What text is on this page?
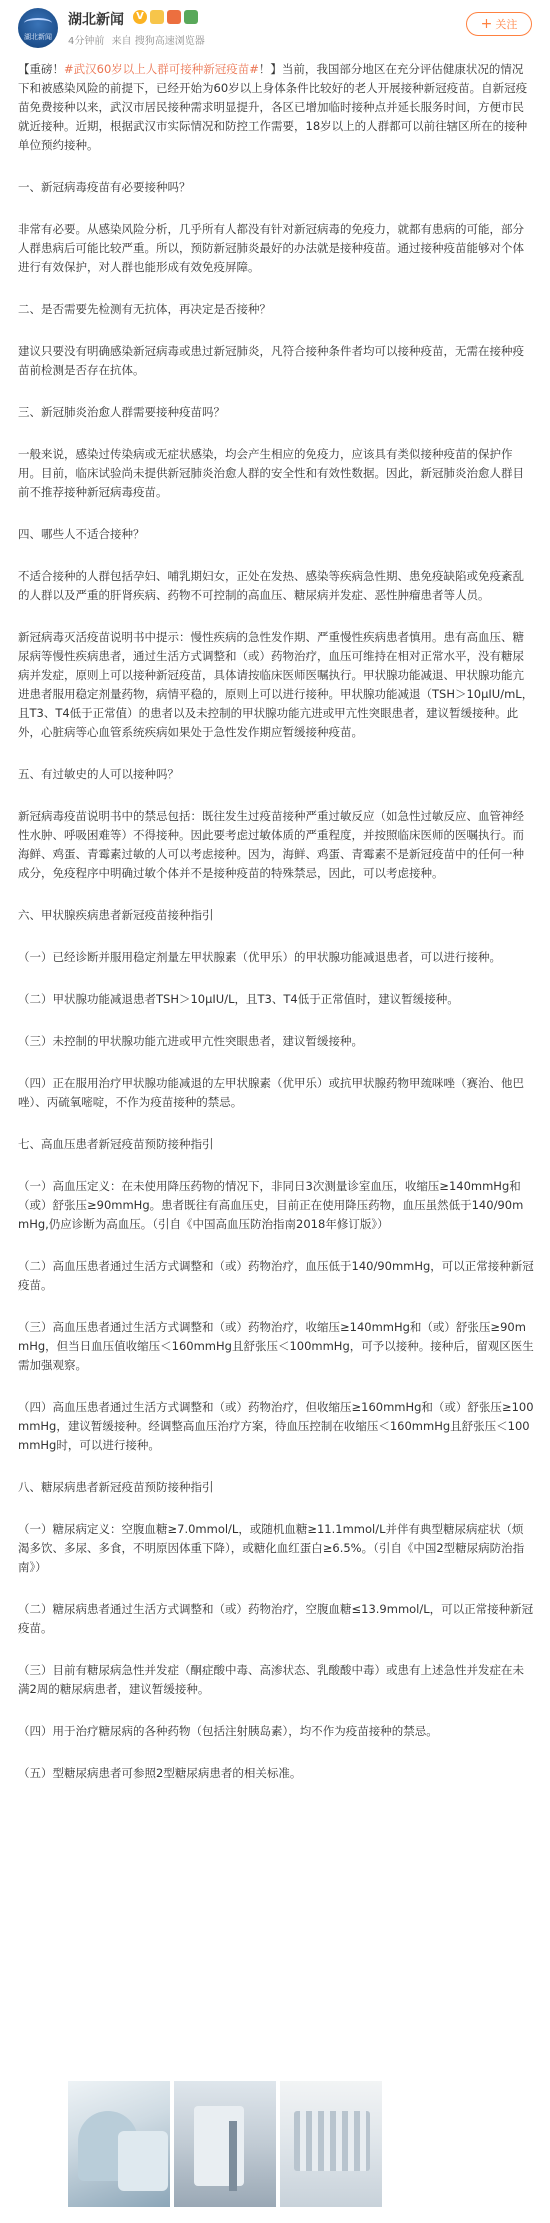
湖北新闻
湖北新闻	V
4分钟前 来自 搜狗高速浏览器
+ 关注

【重磅！#武汉60岁以上人群可接种新冠疫苗#！】当前，我国部分地区在充分评估健康状况的情况下和被感染风险的前提下，已经开始为60岁以上身体条件比较好的老人开展接种新冠疫苗。自新冠疫苗免费接种以来，武汉市居民接种需求明显提升，各区已增加临时接种点并延长服务时间，方便市民就近接种。近期，根据武汉市实际情况和防控工作需要，18岁以上的人群都可以前往辖区所在的接种单位预约接种。

一、新冠病毒疫苗有必要接种吗？

非常有必要。从感染风险分析，几乎所有人都没有针对新冠病毒的免疫力，就都有患病的可能，部分人群患病后可能比较严重。所以，预防新冠肺炎最好的办法就是接种疫苗。通过接种疫苗能够对个体进行有效保护，对人群也能形成有效免疫屏障。

二、是否需要先检测有无抗体，再决定是否接种？

建议只要没有明确感染新冠病毒或患过新冠肺炎，凡符合接种条件者均可以接种疫苗，无需在接种疫苗前检测是否存在抗体。

三、新冠肺炎治愈人群需要接种疫苗吗？

一般来说，感染过传染病或无症状感染，均会产生相应的免疫力，应该具有类似接种疫苗的保护作用。目前，临床试验尚未提供新冠肺炎治愈人群的安全性和有效性数据。因此，新冠肺炎治愈人群目前不推荐接种新冠病毒疫苗。

四、哪些人不适合接种？

不适合接种的人群包括孕妇、哺乳期妇女，正处在发热、感染等疾病急性期、患免疫缺陷或免疫紊乱的人群以及严重的肝肾疾病、药物不可控制的高血压、糖尿病并发症、恶性肿瘤患者等人员。

新冠病毒灭活疫苗说明书中提示：慢性疾病的急性发作期、严重慢性疾病患者慎用。患有高血压、糖尿病等慢性疾病患者，通过生活方式调整和（或）药物治疗，血压可维持在相对正常水平，没有糖尿病并发症，原则上可以接种新冠疫苗，具体请按临床医师医嘱执行。甲状腺功能减退、甲状腺功能亢进患者服用稳定剂量药物，病情平稳的，原则上可以进行接种。甲状腺功能减退（TSH＞10μIU/mL，且T3、T4低于正常值）的患者以及未控制的甲状腺功能亢进或甲亢性突眼患者，建议暂缓接种。此外，心脏病等心血管系统疾病如果处于急性发作期应暂缓接种疫苗。

五、有过敏史的人可以接种吗？

新冠病毒疫苗说明书中的禁忌包括：既往发生过疫苗接种严重过敏反应（如急性过敏反应、血管神经性水肿、呼吸困难等）不得接种。因此要考虑过敏体质的严重程度，并按照临床医师的医嘱执行。而海鲜、鸡蛋、青霉素过敏的人可以考虑接种。因为，海鲜、鸡蛋、青霉素不是新冠疫苗中的任何一种成分，免疫程序中明确过敏个体并不是接种疫苗的特殊禁忌，因此，可以考虑接种。

六、甲状腺疾病患者新冠疫苗接种指引

（一）已经诊断并服用稳定剂量左甲状腺素（优甲乐）的甲状腺功能减退患者，可以进行接种。

（二）甲状腺功能减退患者TSH＞10μIU/L，且T3、T4低于正常值时，建议暂缓接种。

（三）未控制的甲状腺功能亢进或甲亢性突眼患者，建议暂缓接种。

（四）正在服用治疗甲状腺功能减退的左甲状腺素（优甲乐）或抗甲状腺药物甲巯咪唑（赛治、他巴唑）、丙硫氧嘧啶，不作为疫苗接种的禁忌。

七、高血压患者新冠疫苗预防接种指引

（一）高血压定义：在未使用降压药物的情况下，非同日3次测量诊室血压，收缩压≥140mmHg和（或）舒张压≥90mmHg。患者既往有高血压史，目前正在使用降压药物，血压虽然低于140/90mmHg,仍应诊断为高血压。（引自《中国高血压防治指南2018年修订版》）

（二）高血压患者通过生活方式调整和（或）药物治疗，血压低于140/90mmHg，可以正常接种新冠疫苗。

（三）高血压患者通过生活方式调整和（或）药物治疗，收缩压≥140mmHg和（或）舒张压≥90mmHg，但当日血压值收缩压＜160mmHg且舒张压＜100mmHg，可予以接种。接种后，留观区医生需加强观察。

（四）高血压患者通过生活方式调整和（或）药物治疗，但收缩压≥160mmHg和（或）舒张压≥100mmHg，建议暂缓接种。经调整高血压治疗方案，待血压控制在收缩压＜160mmHg且舒张压＜100mmHg时，可以进行接种。

八、糖尿病患者新冠疫苗预防接种指引

（一）糖尿病定义：空腹血糖≥7.0mmol/L，或随机血糖≥11.1mmol/L并伴有典型糖尿病症状（烦渴多饮、多尿、多食，不明原因体重下降），或糖化血红蛋白≥6.5%。（引自《中国2型糖尿病防治指南》）

（二）糖尿病患者通过生活方式调整和（或）药物治疗，空腹血糖≤13.9mmol/L，可以正常接种新冠疫苗。

（三）目前有糖尿病急性并发症（酮症酸中毒、高渗状态、乳酸酸中毒）或患有上述急性并发症在未满2周的糖尿病患者，建议暂缓接种。

（四）用于治疗糖尿病的各种药物（包括注射胰岛素），均不作为疫苗接种的禁忌。

（五）型糖尿病患者可参照2型糖尿病患者的相关标准。
